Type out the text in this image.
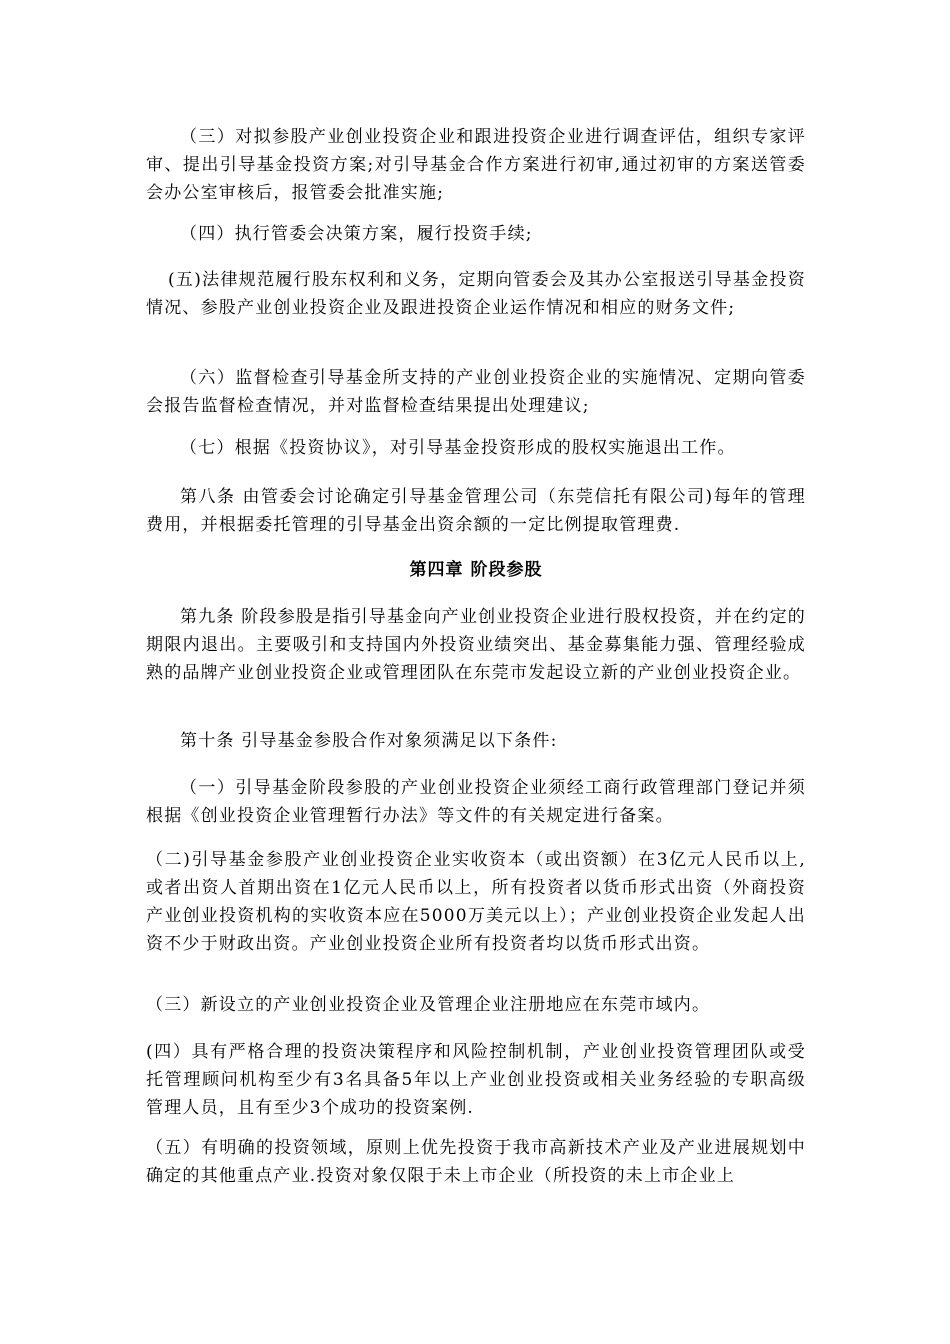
（三）对拟参股产业创业投资企业和跟进投资企业进行调查评估，组织专家评审、提出引导基金投资方案;对引导基金合作方案进行初审,通过初审的方案送管委会办公室审核后，报管委会批准实施;

（四）执行管委会决策方案，履行投资手续;

(五)法律规范履行股东权利和义务，定期向管委会及其办公室报送引导基金投资情况、参股产业创业投资企业及跟进投资企业运作情况和相应的财务文件;

（六）监督检查引导基金所支持的产业创业投资企业的实施情况、定期向管委会报告监督检查情况，并对监督检查结果提出处理建议;

（七）根据《投资协议》，对引导基金投资形成的股权实施退出工作。

第八条 由管委会讨论确定引导基金管理公司（东莞信托有限公司)每年的管理费用，并根据委托管理的引导基金出资余额的一定比例提取管理费.

第四章 阶段参股

第九条 阶段参股是指引导基金向产业创业投资企业进行股权投资，并在约定的期限内退出。主要吸引和支持国内外投资业绩突出、基金募集能力强、管理经验成熟的品牌产业创业投资企业或管理团队在东莞市发起设立新的产业创业投资企业。

第十条 引导基金参股合作对象须满足以下条件:

（一）引导基金阶段参股的产业创业投资企业须经工商行政管理部门登记并须根据《创业投资企业管理暂行办法》等文件的有关规定进行备案。

（二)引导基金参股产业创业投资企业实收资本（或出资额）在3亿元人民币以上,或者出资人首期出资在1亿元人民币以上，所有投资者以货币形式出资（外商投资产业创业投资机构的实收资本应在5000万美元以上）；产业创业投资企业发起人出资不少于财政出资。产业创业投资企业所有投资者均以货币形式出资。

（三）新设立的产业创业投资企业及管理企业注册地应在东莞市域内。

(四）具有严格合理的投资决策程序和风险控制机制，产业创业投资管理团队或受托管理顾问机构至少有3名具备5年以上产业创业投资或相关业务经验的专职高级管理人员，且有至少3个成功的投资案例.

（五）有明确的投资领域，原则上优先投资于我市高新技术产业及产业进展规划中确定的其他重点产业.投资对象仅限于未上市企业（所投资的未上市企业上
